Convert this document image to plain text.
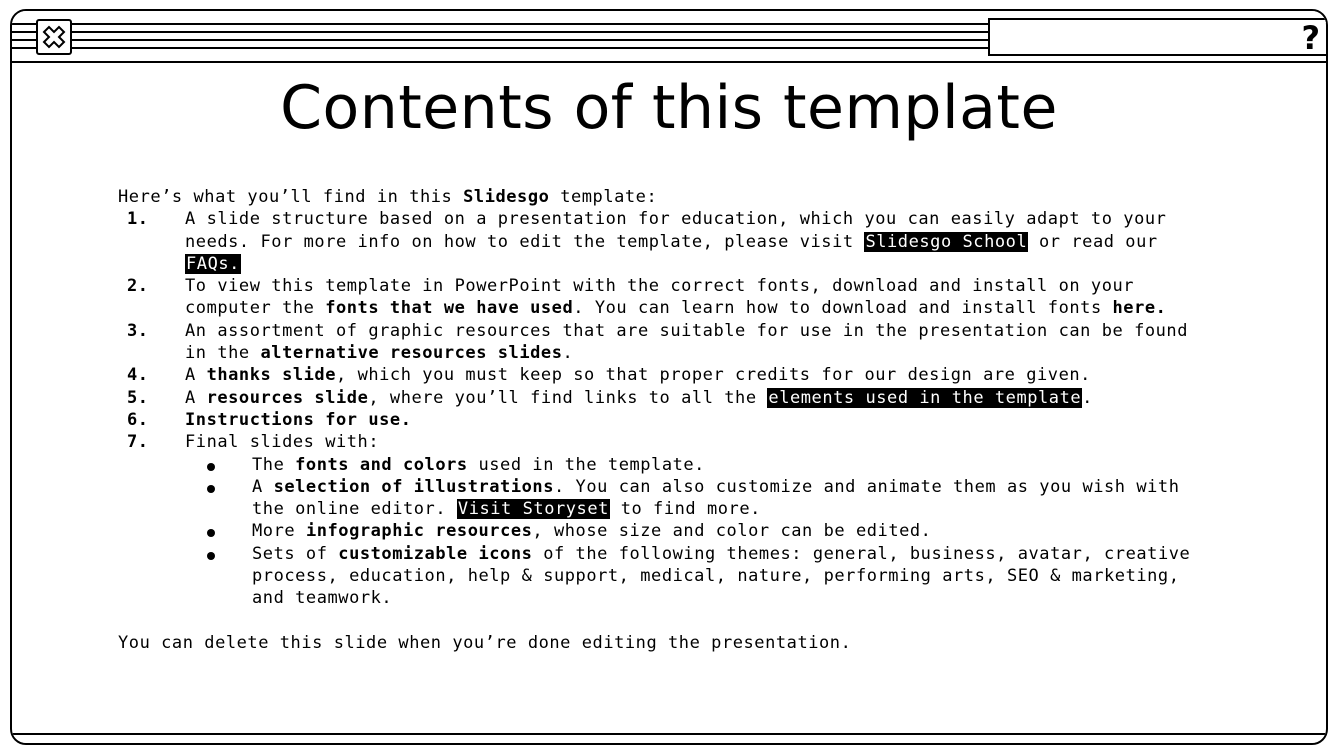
?
Contents of this template

Here’s what you’ll find in this Slidesgo template:

1. A slide structure based on a presentation for education, which you can easily adapt to your needs. For more info on how to edit the template, please visit Slidesgo School or read our FAQs.
2. To view this template in PowerPoint with the correct fonts, download and install on your computer the fonts that we have used. You can learn how to download and install fonts here.
3. An assortment of graphic resources that are suitable for use in the presentation can be found in the alternative resources slides.
4. A thanks slide, which you must keep so that proper credits for our design are given.
5. A resources slide, where you’ll find links to all the elements used in the template.
6. Instructions for use.
7. Final slides with:
The fonts and colors used in the template.
A selection of illustrations. You can also customize and animate them as you wish with the online editor. Visit Storyset to find more.
More infographic resources, whose size and color can be edited.
Sets of customizable icons of the following themes: general, business, avatar, creative process, education, help & support, medical, nature, performing arts, SEO & marketing, and teamwork.

You can delete this slide when you’re done editing the presentation.
